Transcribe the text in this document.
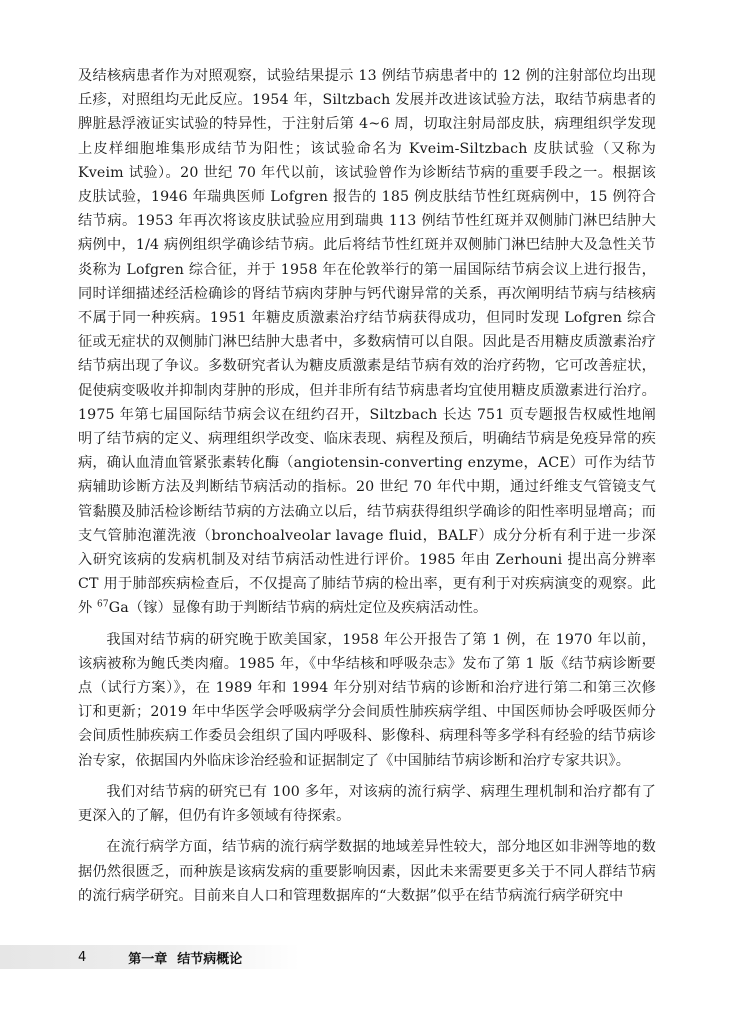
及结核病患者作为对照观察，试验结果提示 13 例结节病患者中的 12 例的注射部位均出现丘疹，对照组均无此反应。1954 年，Siltzbach 发展并改进该试验方法，取结节病患者的脾脏悬浮液证实试验的特异性，于注射后第 4~6 周，切取注射局部皮肤，病理组织学发现上皮样细胞堆集形成结节为阳性；该试验命名为 Kveim-Siltzbach 皮肤试验（又称为 Kveim 试验）。20 世纪 70 年代以前，该试验曾作为诊断结节病的重要手段之一。根据该皮肤试验，1946 年瑞典医师 Lofgren 报告的 185 例皮肤结节性红斑病例中，15 例符合结节病。1953 年再次将该皮肤试验应用到瑞典 113 例结节性红斑并双侧肺门淋巴结肿大病例中，1/4 病例组织学确诊结节病。此后将结节性红斑并双侧肺门淋巴结肿大及急性关节炎称为 Lofgren 综合征，并于 1958 年在伦敦举行的第一届国际结节病会议上进行报告，同时详细描述经活检确诊的肾结节病肉芽肿与钙代谢异常的关系，再次阐明结节病与结核病不属于同一种疾病。1951 年糖皮质激素治疗结节病获得成功，但同时发现 Lofgren 综合征或无症状的双侧肺门淋巴结肿大患者中，多数病情可以自限。因此是否用糖皮质激素治疗结节病出现了争议。多数研究者认为糖皮质激素是结节病有效的治疗药物，它可改善症状，促使病变吸收并抑制肉芽肿的形成，但并非所有结节病患者均宜使用糖皮质激素进行治疗。1975 年第七届国际结节病会议在纽约召开，Siltzbach 长达 751 页专题报告权威性地阐明了结节病的定义、病理组织学改变、临床表现、病程及预后，明确结节病是免疫异常的疾病，确认血清血管紧张素转化酶（angiotensin-converting enzyme，ACE）可作为结节病辅助诊断方法及判断结节病活动的指标。20 世纪 70 年代中期，通过纤维支气管镜支气管黏膜及肺活检诊断结节病的方法确立以后，结节病获得组织学确诊的阳性率明显增高；而支气管肺泡灌洗液（bronchoalveolar lavage fluid，BALF）成分分析有利于进一步深入研究该病的发病机制及对结节病活动性进行评价。1985 年由 Zerhouni 提出高分辨率 CT 用于肺部疾病检查后，不仅提高了肺结节病的检出率，更有利于对疾病演变的观察。此外 $^{67}$Ga（镓）显像有助于判断结节病的病灶定位及疾病活动性。

我国对结节病的研究晚于欧美国家，1958 年公开报告了第 1 例，在 1970 年以前，该病被称为鲍氏类肉瘤。1985 年，《中华结核和呼吸杂志》发布了第 1 版《结节病诊断要点（试行方案）》，在 1989 年和 1994 年分别对结节病的诊断和治疗进行第二和第三次修订和更新；2019 年中华医学会呼吸病学分会间质性肺疾病学组、中国医师协会呼吸医师分会间质性肺疾病工作委员会组织了国内呼吸科、影像科、病理科等多学科有经验的结节病诊治专家，依据国内外临床诊治经验和证据制定了《中国肺结节病诊断和治疗专家共识》。

我们对结节病的研究已有 100 多年，对该病的流行病学、病理生理机制和治疗都有了更深入的了解，但仍有许多领域有待探索。

在流行病学方面，结节病的流行病学数据的地域差异性较大，部分地区如非洲等地的数据仍然很匮乏，而种族是该病发病的重要影响因素，因此未来需要更多关于不同人群结节病的流行病学研究。目前来自人口和管理数据库的“大数据”似乎在结节病流行病学研究中

4	第一章 结节病概论
